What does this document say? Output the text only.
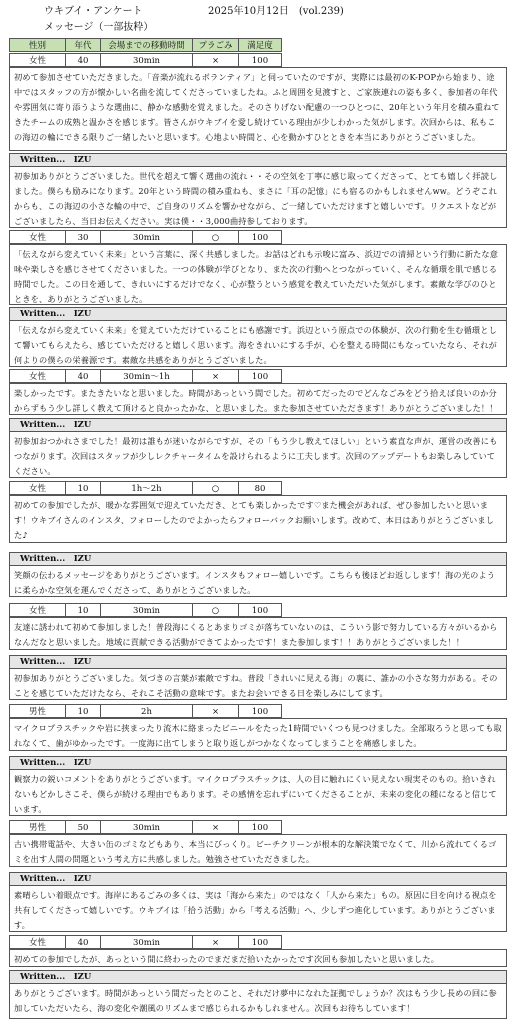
ウキブイ・アンケート	2025年10月12日　(vol.239)
メッセージ（一部抜粋）
性別	年代	会場までの移動時間	プラごみ	満足度
女性	40	30min	×	100
初めて参加させていただきました。「音楽が流れるボランティア」と伺っていたのですが、実際には最初のK-POPから始まり、途中ではスタッフの方が懐かしい名曲を流してくださっていましたね。ふと周囲を見渡すと、ご家族連れの姿も多く、参加者の年代や雰囲気に寄り添うような選曲に、静かな感動を覚えました。そのさりげない配慮の一つひとつに、20年という年月を積み重ねてきたチームの成熟と温かさを感じます。皆さんがウキブイを愛し続けている理由が少しわかった気がします。次回からは、私もこの海辺の輪にできる限りご一緒したいと思います。心地よい時間と、心を動かすひとときを本当にありがとうございました。
Written...　IZU
初参加ありがとうございました。世代を超えて響く選曲の流れ・・その空気を丁寧に感じ取ってくださって、とても嬉しく拝読しました。僕らも励みになります。20年という時間の積み重ねも、まさに「耳の記憶」にも宿るのかもしれませんww。どうぞこれからも、この海辺の小さな輪の中で、ご自身のリズムを響かせながら、ご一緒していただけますと嬉しいです。リクエストなどがございましたら、当日お伝えください。実は僕・・3,000曲持参しております。
女性	30	30min	○	100
「伝えながら変えていく未来」という言葉に、深く共感しました。お話はどれも示唆に富み、浜辺での清掃という行動に新たな意味や楽しさを感じさせてくださいました。一つの体験が学びとなり、また次の行動へとつながっていく、そんな循環を肌で感じる時間でした。この日を通して、きれいにするだけでなく、心が整うという感覚を教えていただいた気がします。素敵な学びのひとときを、ありがとうございました。
Written...　IZU
「伝えながら変えていく未来」を覚えていただけていることにも感謝です。浜辺という原点での体験が、次の行動を生む循環として響いてもらえたら、感じていただけると嬉しく思います。海をきれいにする手が、心を整える時間にもなっていたなら、それが何よりの僕らの栄養源です。素敵な共感をありがとうございました。
女性	40	30min～1h	×	100
楽しかったです。またきたいなと思いました。時間があっという間でした。初めてだったのでどんなごみをどう拾えば良いのか分からずもう少し詳しく教えて頂けると良かったかな、と思いました。また参加させていただきます！ありがとうございました！！
Written...　IZU
初参加おつかれさまでした！最初は誰もが迷いながらですが、その「もう少し教えてほしい」という素直な声が、運営の改善にもつながります。次回はスタッフが少しレクチャータイムを設けられるように工夫します。次回のアップデートもお楽しみしていてください。
女性	10	1h～2h	○	80
初めての参加でしたが、暖かな雰囲気で迎えていただき、とても楽しかったです♡また機会があれば、ぜひ参加したいと思います！ウキブイさんのインスタ、フォローしたのでよかったらフォローバックお願いします。改めて、本日はありがとうございました♪
Written...　IZU
笑顔の伝わるメッセージをありがとうございます。インスタもフォロー嬉しいです。こちらも後ほどお返しします！海の光のように柔らかな空気を運んでくださって、ありがとうございました。
女性	10	30min	○	100
友達に誘われて初めて参加しました！普段海にくるとあまりゴミが落ちていないのは、こういう影で努力している方々がいるからなんだなと思いました。地域に貢献できる活動ができてよかったです！また参加します！！ありがとうございました！！
Written...　IZU
初参加ありがとうございました。気づきの言葉が素敵ですね。普段「きれいに見える海」の裏に、誰かの小さな努力がある。そのことを感じていただけたなら、それこそ活動の意味です。またお会いできる日を楽しみにしてます。
男性	10	2h	×	100
マイクロプラスチックや岩に挟まったり流木に絡まったビニールをたった1時間でいくつも見つけました。全部取ろうと思っても取れなくて、歯がゆかったです。一度海に出てしまうと取り返しがつかなくなってしまうことを痛感しました。
Written...　IZU
観察力の鋭いコメントをありがとうございます。マイクロプラスチックは、人の目に触れにくい見えない現実そのもの。拾いきれないもどかしさこそ、僕らが続ける理由でもあります。その感情を忘れずにいてくださることが、未来の変化の種になると信じています。
男性	50	30min	×	100
古い携帯電話や、大きい缶のゴミなどもあり、本当にびっくり。ビーチクリーンが根本的な解決策でなくて、川から流れてくるゴミを出す人間の問題という考え方に共感しました。勉強させていただきました。
Written...　IZU
素晴らしい着眼点です。海岸にあるごみの多くは、実は「海から来た」のではなく「人から来た」もの。原因に目を向ける視点を共有してくださって嬉しいです。ウキブイは「拾う活動」から「考える活動」へ、少しずつ進化しています。ありがとうございます。
女性	40	30min	×	100
初めての参加でしたが、あっという間に終わったのでまだまだ拾いたかったです次回も参加したいと思いました。
Written...　IZU
ありがとうございます。時間があっという間だったとのこと、それだけ夢中になれた証拠でしょうか？次はもう少し長めの回に参加していただいたら、海の変化や潮風のリズムまで感じられるかもしれません。次回もお待ちしています！
